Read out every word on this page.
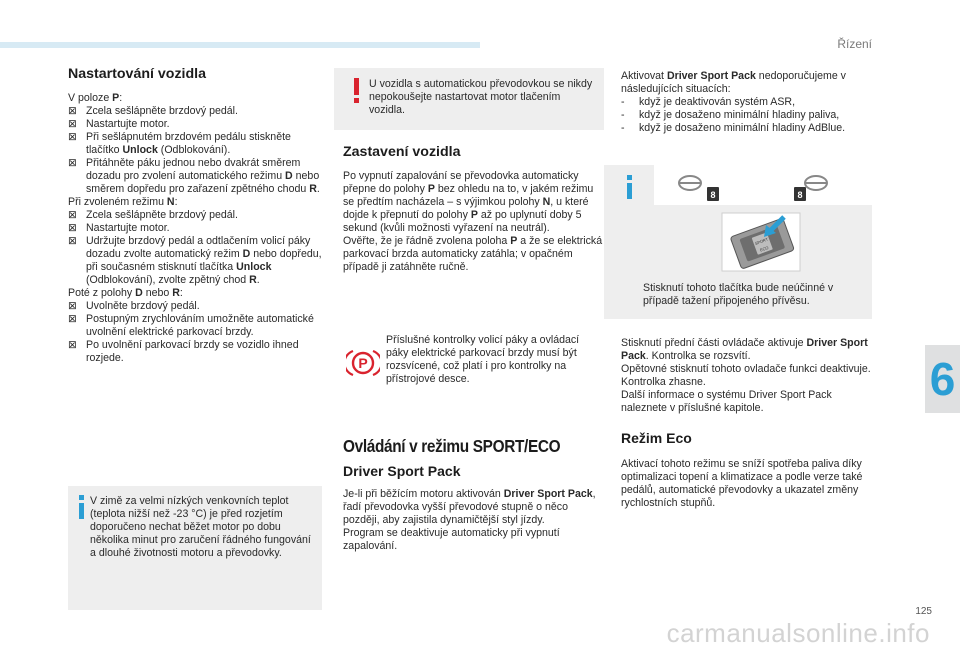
Řízení
6
125
carmanualsonline.info

Nastartování vozidla

V poloze P:

⊠ Zcela sešlápněte brzdový pedál.

⊠ Nastartujte motor.

⊠ Při sešlápnutém brzdovém pedálu stiskněte tlačítko Unlock (Odblokování).

⊠ Přitáhněte páku jednou nebo dvakrát směrem dozadu pro zvolení automatického režimu D nebo směrem dopředu pro zařazení zpětného chodu R.

Při zvoleném režimu N:

⊠ Zcela sešlápněte brzdový pedál.

⊠ Nastartujte motor.

⊠ Udržujte brzdový pedál a odtlačením volicí páky dozadu zvolte automatický režim D nebo dopředu, při současném stisknutí tlačítka Unlock (Odblokování), zvolte zpětný chod R.

Poté z polohy D nebo R:

⊠ Uvolněte brzdový pedál.

⊠ Postupným zrychlováním umožněte automatické uvolnění elektrické parkovací brzdy.

⊠ Po uvolnění parkovací brzdy se vozidlo ihned rozjede.

V zimě za velmi nízkých venkovních teplot (teplota nižší než -23 °C) je před rozjetím doporučeno nechat běžet motor po dobu několika minut pro zaručení řádného fungování a dlouhé životnosti motoru a převodovky.

U vozidla s automatickou převodovkou se nikdy nepokoušejte nastartovat motor tlačením vozidla.

Zastavení vozidla

Po vypnutí zapalování se převodovka automaticky přepne do polohy P bez ohledu na to, v jakém režimu se předtím nacházela – s výjimkou polohy N, u které dojde k přepnutí do polohy P až po uplynutí doby 5 sekund (kvůli možnosti vyřazení na neutrál).

Ověřte, že je řádně zvolena poloha P a že se elektrická parkovací brzda automaticky zatáhla; v opačném případě ji zatáhněte ručně.

P

Příslušné kontrolky volicí páky a ovládací páky elektrické parkovací brzdy musí být rozsvícené, což platí i pro kontrolky na přístrojové desce.

Ovládání v režimu SPORT/ECO
Driver Sport Pack

Je-li při běžícím motoru aktivován Driver Sport Pack, řadí převodovka vyšší převodové stupně o něco později, aby zajistila dynamičtější styl jízdy.

Program se deaktivuje automaticky při vypnutí zapalování.

Aktivovat Driver Sport Pack nedoporučujeme v následujících situacích:

- když je deaktivován systém ASR,

- když je dosaženo minimální hladiny paliva,

- když je dosaženo minimální hladiny AdBlue.

8	8
SPORT
ECO

Stisknutí tohoto tlačítka bude neúčinné v případě tažení připojeného přívěsu.

Stisknutí přední části ovládače aktivuje Driver Sport Pack. Kontrolka se rozsvítí.

Opětovné stisknutí tohoto ovladače funkci deaktivuje. Kontrolka zhasne.

Další informace o systému Driver Sport Pack naleznete v příslušné kapitole.

Režim Eco

Aktivací tohoto režimu se sníží spotřeba paliva díky optimalizaci topení a klimatizace a podle verze také pedálů, automatické převodovky a ukazatel změny rychlostních stupňů.
